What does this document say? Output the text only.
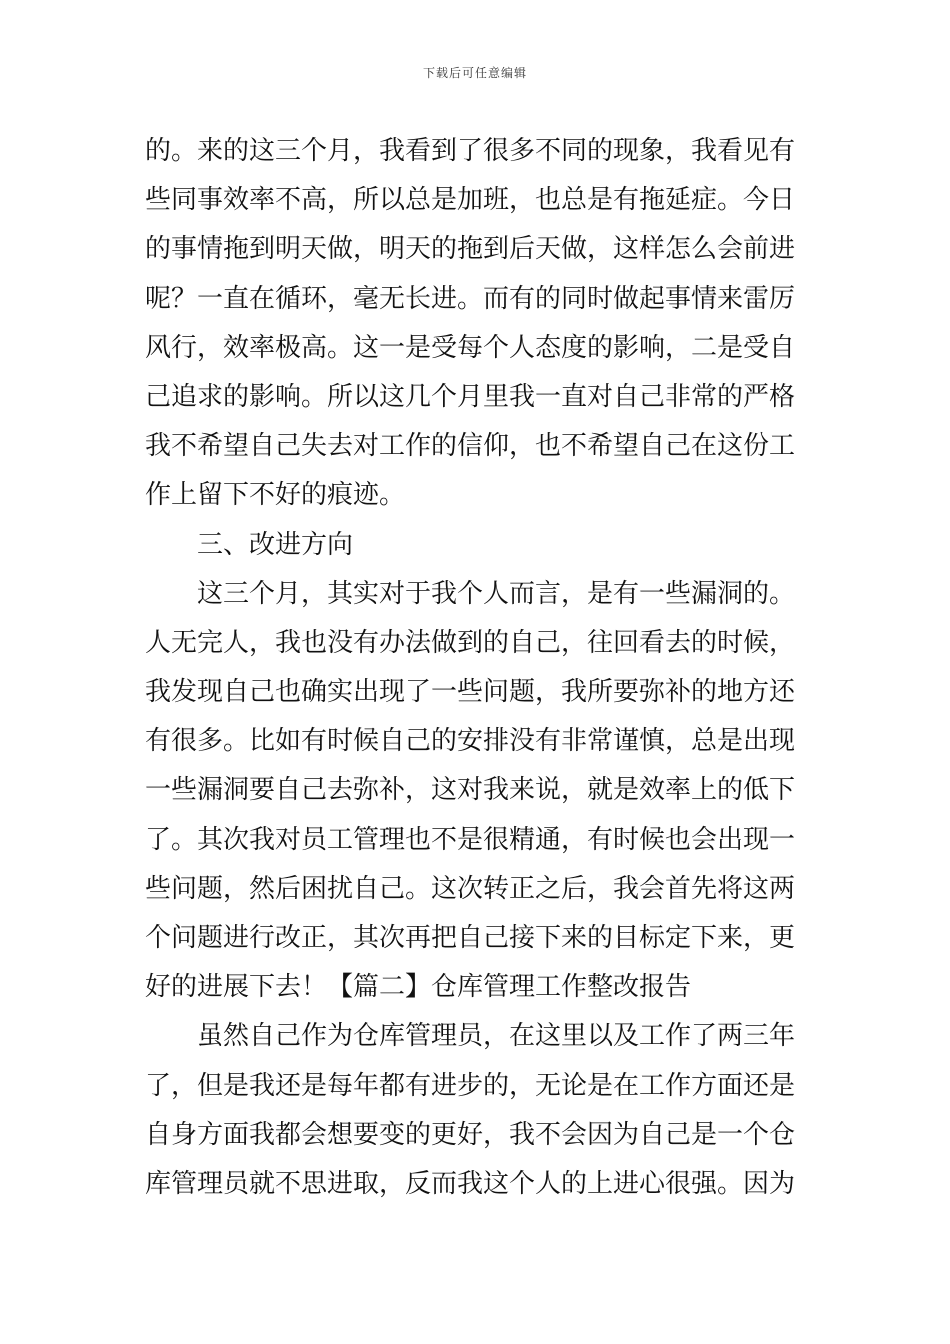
下载后可任意编辑
的。来的这三个月，我看到了很多不同的现象，我看见有
些同事效率不高，所以总是加班，也总是有拖延症。今日
的事情拖到明天做，明天的拖到后天做，这样怎么会前进
呢？一直在循环，毫无长进。而有的同时做起事情来雷厉
风行，效率极高。这一是受每个人态度的影响，二是受自
己追求的影响。所以这几个月里我一直对自己非常的严格
我不希望自己失去对工作的信仰，也不希望自己在这份工
作上留下不好的痕迹。
三、改进方向
这三个月，其实对于我个人而言，是有一些漏洞的。
人无完人，我也没有办法做到的自己，往回看去的时候，
我发现自己也确实出现了一些问题，我所要弥补的地方还
有很多。比如有时候自己的安排没有非常谨慎，总是出现
一些漏洞要自己去弥补，这对我来说，就是效率上的低下
了。其次我对员工管理也不是很精通，有时候也会出现一
些问题，然后困扰自己。这次转正之后，我会首先将这两
个问题进行改正，其次再把自己接下来的目标定下来，更
好的进展下去！【篇二】仓库管理工作整改报告
虽然自己作为仓库管理员，在这里以及工作了两三年
了，但是我还是每年都有进步的，无论是在工作方面还是
自身方面我都会想要变的更好，我不会因为自己是一个仓
库管理员就不思进取，反而我这个人的上进心很强。因为
